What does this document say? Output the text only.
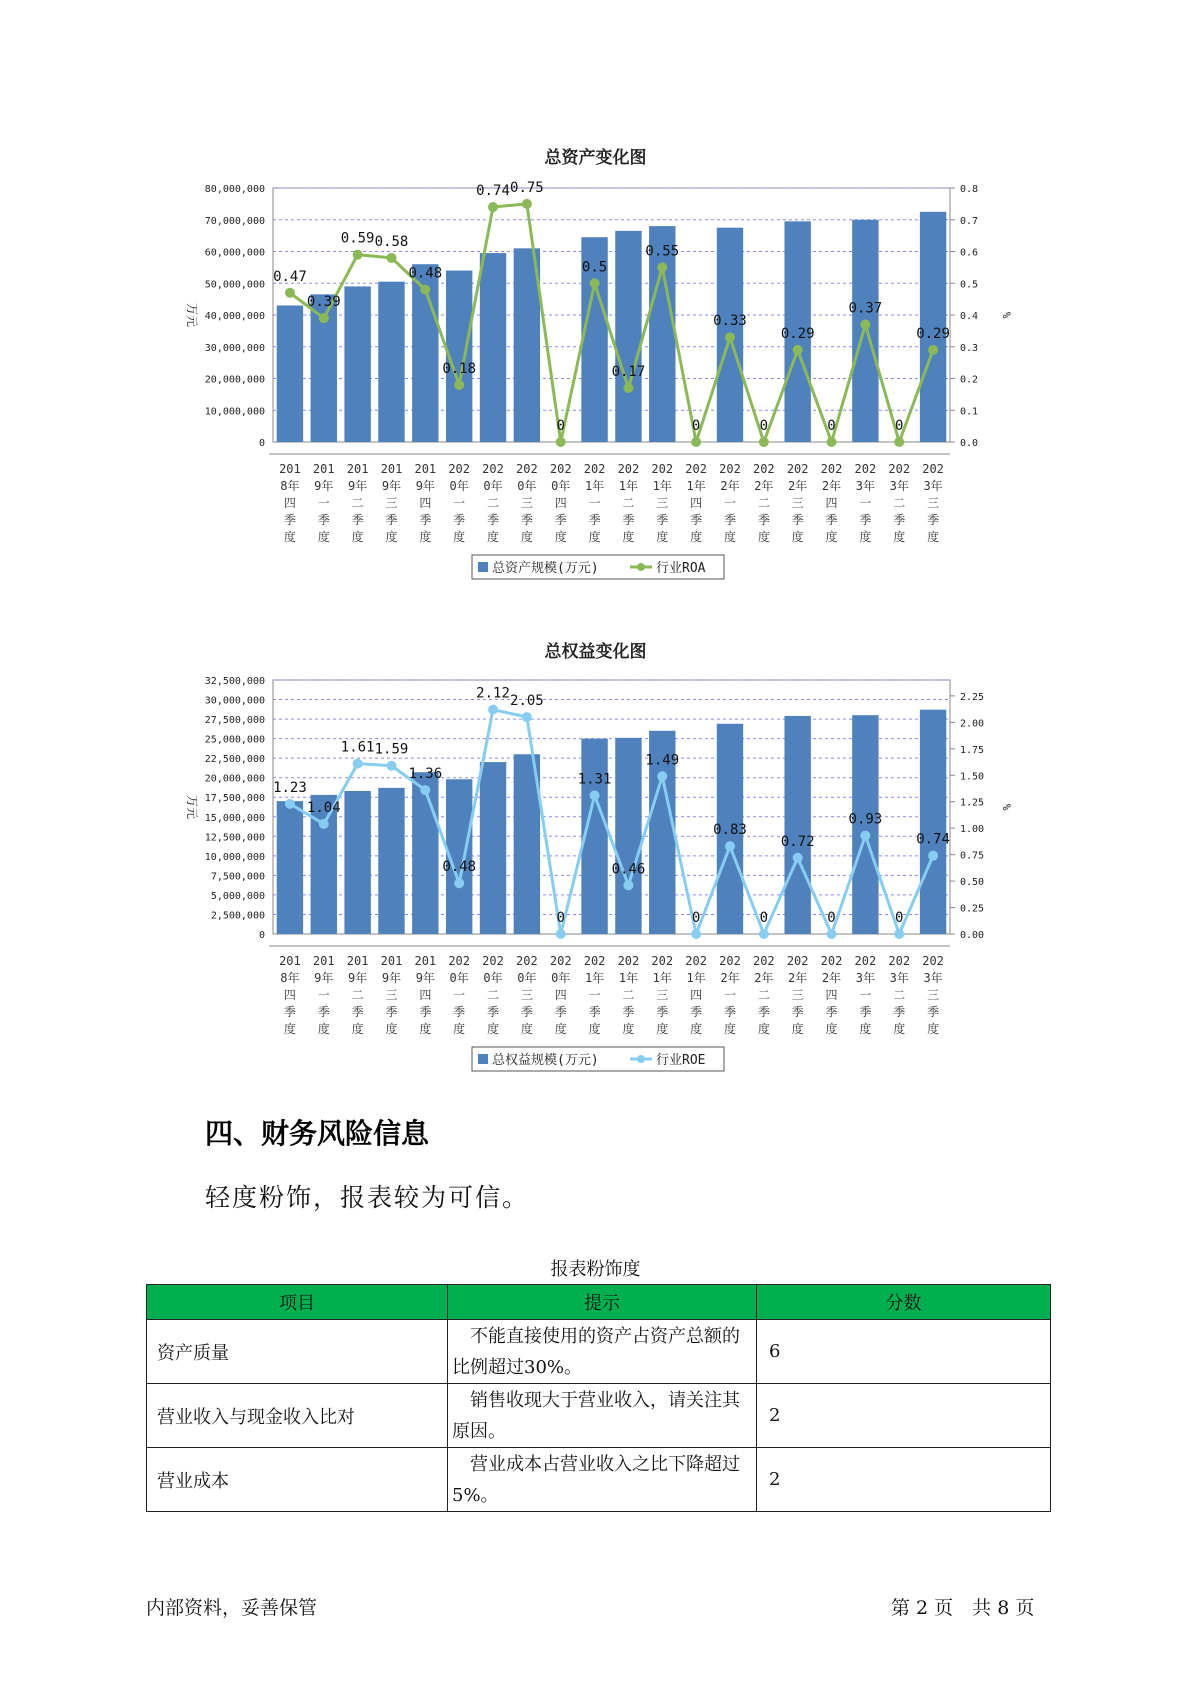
总资产变化图
80,000,000
70,000,000
60,000,000
50,000,000
40,000,000
30,000,000
20,000,000
10,000,000
0
0.8
0.7
0.6
0.5
0.4
0.3
0.2
0.1
0.0
万元	%
0.47
0.39
0.59 0.58
0.48
0.18
0.74 0.75
0
0.5
0.17
0.55
0
0.33
0
0.29
0
0.37
0
0.29
201
8年
四
季
度
201
9年
一
季
度
201
9年
二
季
度
201
9年
三
季
度
201
9年
四
季
度
202
0年
一
季
度
202
0年
二
季
度
202
0年
三
季
度
202
0年
四
季
度
202
1年
一
季
度
202
1年
二
季
度
202
1年
三
季
度
202
1年
四
季
度
202
2年
一
季
度
202
2年
二
季
度
202
2年
三
季
度
202
2年
四
季
度
202
3年
一
季
度
202
3年
二
季
度
202
3年
三
季
度
总资产规模(万元)	行业ROA
总权益变化图
32,500,000
30,000,000
27,500,000
25,000,000
22,500,000
20,000,000
17,500,000
15,000,000
12,500,000
10,000,000
7,500,000
5,000,000
2,500,000
0
2.25
2.00
1.75
1.50
1.25
1.00
0.75
0.50
0.25
0.00
万元	%
1.23
1.04
1.61 1.59
1.36
0.48
2.12 2.05
0
1.31
0.46
1.49
0
0.83
0
0.72
0
0.93
0
0.74
201
8年
四
季
度
201
9年
一
季
度
201
9年
二
季
度
201
9年
三
季
度
201
9年
四
季
度
202
0年
一
季
度
202
0年
二
季
度
202
0年
三
季
度
202
0年
四
季
度
202
1年
一
季
度
202
1年
二
季
度
202
1年
三
季
度
202
1年
四
季
度
202
2年
一
季
度
202
2年
二
季
度
202
2年
三
季
度
202
2年
四
季
度
202
3年
一
季
度
202
3年
二
季
度
202
3年
三
季
度
总权益规模(万元)	行业ROE
四、财务风险信息
轻度粉饰，报表较为可信。
报表粉饰度
项目	提示	分数
资产质量	　不能直接使用的资产占资产总额的比例超过30%。	6
营业收入与现金收入比对	　销售收现大于营业收入，请关注其原因。	2
营业成本	　营业成本占营业收入之比下降超过5%。	2
内部资料，妥善保管	第 2 页　共 8 页
